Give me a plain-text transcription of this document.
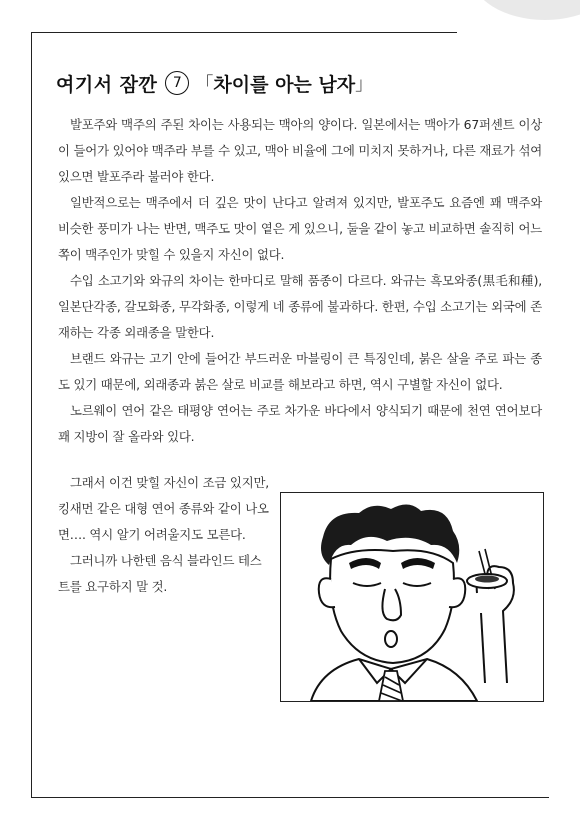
여기서 잠깐	7 「 차이를 아는 남자 」

발포주와 맥주의 주된 차이는 사용되는 맥아의 양이다. 일본에서는 맥아가 67퍼센트 이상이 들어가 있어야 맥주라 부를 수 있고, 맥아 비율에 그에 미치지 못하거나, 다른 재료가 섞여 있으면 발포주라 불러야 한다.

일반적으로는 맥주에서 더 깊은 맛이 난다고 알려져 있지만, 발포주도 요즘엔 꽤 맥주와 비슷한 풍미가 나는 반면, 맥주도 맛이 옅은 게 있으니, 둘을 같이 놓고 비교하면 솔직히 어느 쪽이 맥주인가 맞힐 수 있을지 자신이 없다.

수입 소고기와 와규의 차이는 한마디로 말해 품종이 다르다. 와규는 흑모와종(黒毛和種), 일본단각종, 갈모화종, 무각화종, 이렇게 네 종류에 불과하다. 한편, 수입 소고기는 외국에 존재하는 각종 외래종을 말한다.

브랜드 와규는 고기 안에 들어간 부드러운 마블링이 큰 특징인데, 붉은 살을 주로 파는 종도 있기 때문에, 외래종과 붉은 살로 비교를 해보라고 하면, 역시 구별할 자신이 없다.

노르웨이 연어 같은 태평양 연어는 주로 차가운 바다에서 양식되기 때문에 천연 연어보다 꽤 지방이 잘 올라와 있다.

그래서 이건 맞힐 자신이 조금 있지만, 킹새먼 같은 대형 연어 종류와 같이 나오면…. 역시 알기 어려울지도 모른다.

그러니까 나한텐 음식 블라인드 테스트를 요구하지 말 것.
